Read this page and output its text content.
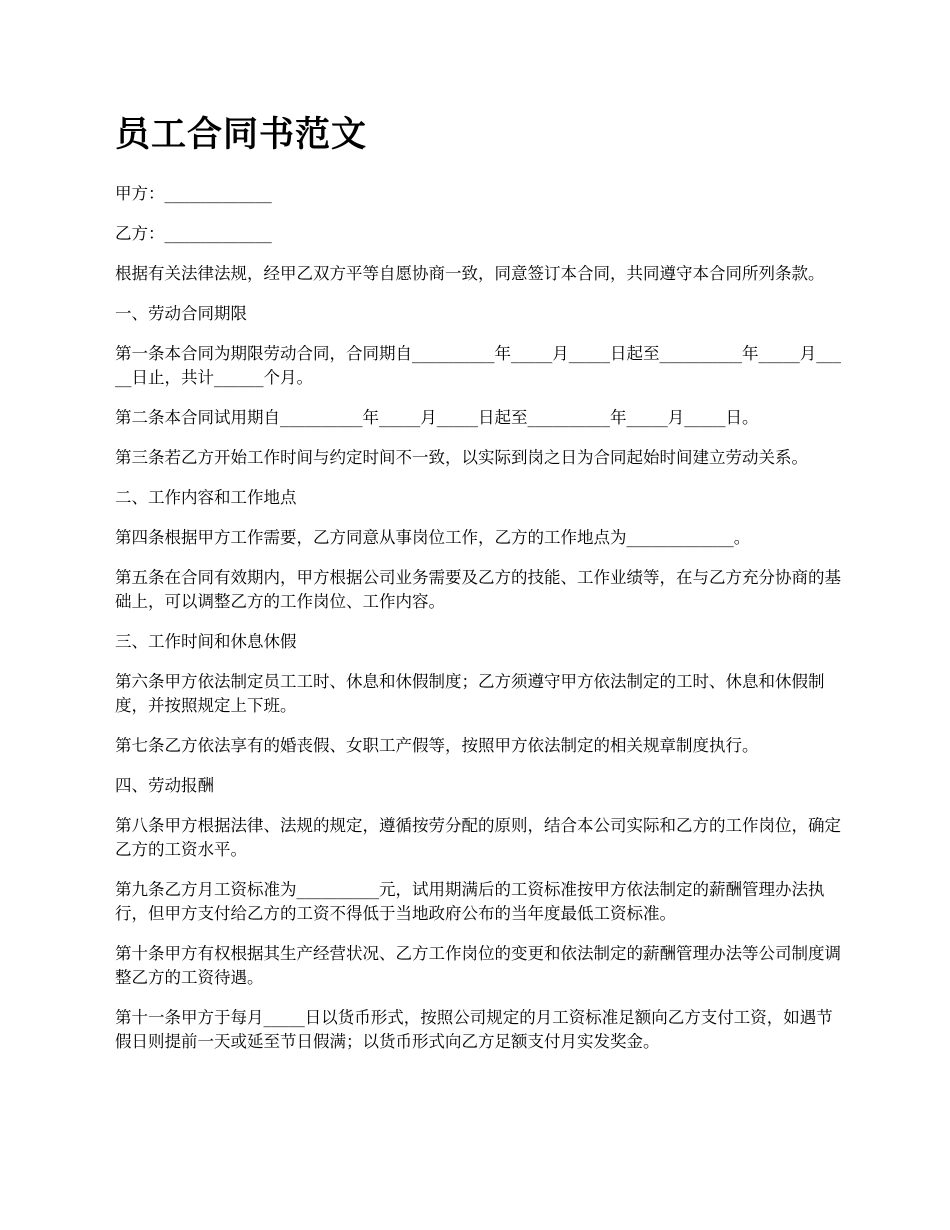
员工合同书范文

甲方：_____________

乙方：_____________

根据有关法律法规，经甲乙双方平等自愿协商一致，同意签订本合同，共同遵守本合同所列条款。

一、劳动合同期限

第一条本合同为期限劳动合同，合同期自__________年_____月_____日起至__________年_____月_____日止，共计______个月。

第二条本合同试用期自__________年_____月_____日起至__________年_____月_____日。

第三条若乙方开始工作时间与约定时间不一致，以实际到岗之日为合同起始时间建立劳动关系。

二、工作内容和工作地点

第四条根据甲方工作需要，乙方同意从事岗位工作，乙方的工作地点为_____________。

第五条在合同有效期内，甲方根据公司业务需要及乙方的技能、工作业绩等，在与乙方充分协商的基础上，可以调整乙方的工作岗位、工作内容。

三、工作时间和休息休假

第六条甲方依法制定员工工时、休息和休假制度；乙方须遵守甲方依法制定的工时、休息和休假制度，并按照规定上下班。

第七条乙方依法享有的婚丧假、女职工产假等，按照甲方依法制定的相关规章制度执行。

四、劳动报酬

第八条甲方根据法律、法规的规定，遵循按劳分配的原则，结合本公司实际和乙方的工作岗位，确定乙方的工资水平。

第九条乙方月工资标准为__________元，试用期满后的工资标准按甲方依法制定的薪酬管理办法执行，但甲方支付给乙方的工资不得低于当地政府公布的当年度最低工资标准。

第十条甲方有权根据其生产经营状况、乙方工作岗位的变更和依法制定的薪酬管理办法等公司制度调整乙方的工资待遇。

第十一条甲方于每月_____日以货币形式，按照公司规定的月工资标准足额向乙方支付工资，如遇节假日则提前一天或延至节日假满；以货币形式向乙方足额支付月实发奖金。
